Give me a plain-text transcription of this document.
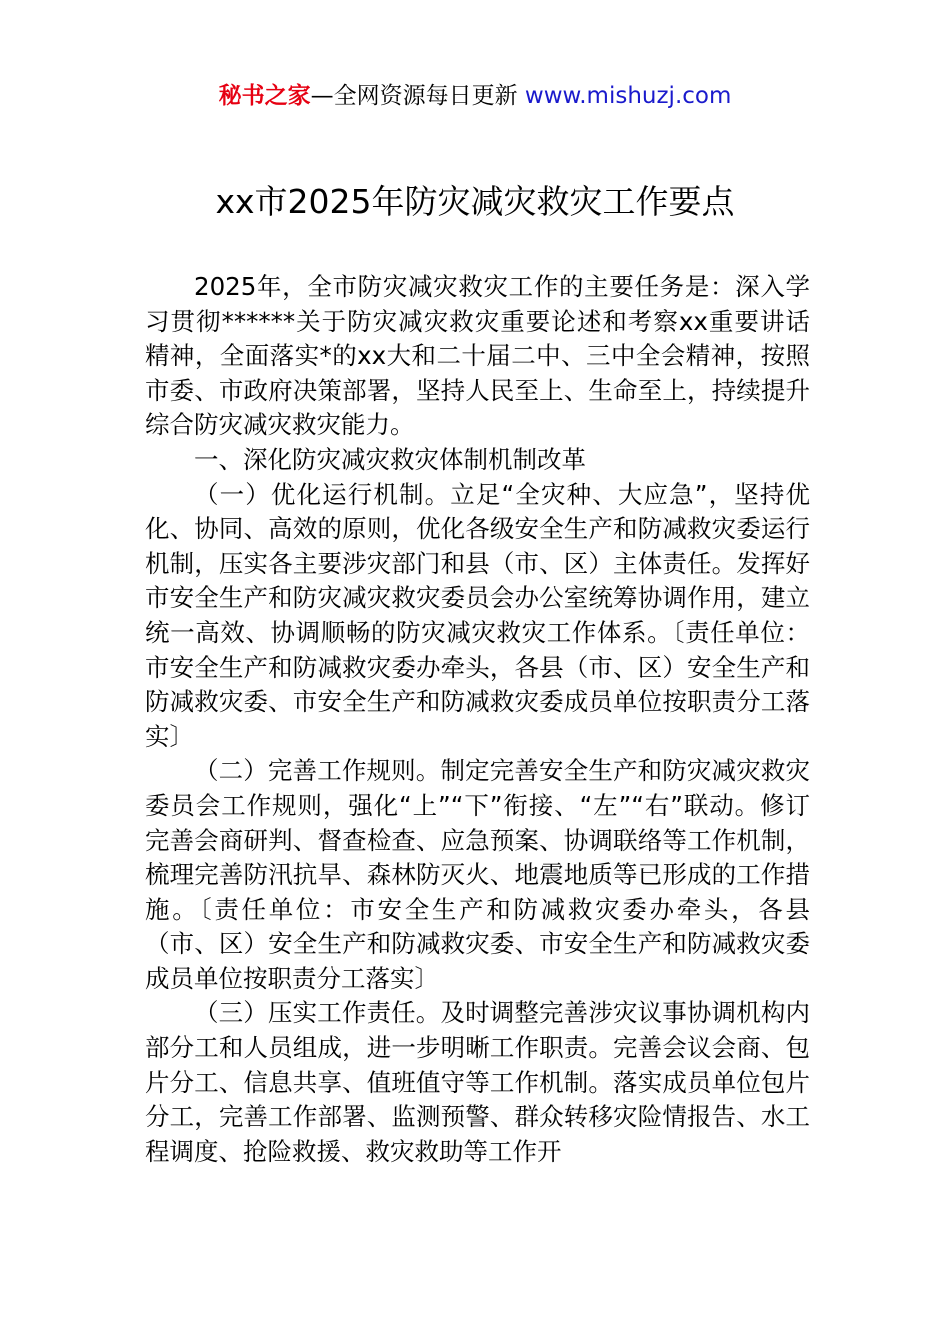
秘书之家—全网资源每日更新 www.mishuzj.com
xx市2025年防灾减灾救灾工作要点

2025年，全市防灾减灾救灾工作的主要任务是：深入学习贯彻******关于防灾减灾救灾重要论述和考察xx重要讲话精神，全面落实*的xx大和二十届二中、三中全会精神，按照市委、市政府决策部署，坚持人民至上、生命至上，持续提升综合防灾减灾救灾能力。

一、深化防灾减灾救灾体制机制改革

（一）优化运行机制。立足“全灾种、大应急”，坚持优化、协同、高效的原则，优化各级安全生产和防减救灾委运行机制，压实各主要涉灾部门和县（市、区）主体责任。发挥好市安全生产和防灾减灾救灾委员会办公室统筹协调作用，建立统一高效、协调顺畅的防灾减灾救灾工作体系。〔责任单位：市安全生产和防减救灾委办牵头，各县（市、区）安全生产和防减救灾委、市安全生产和防减救灾委成员单位按职责分工落实〕

（二）完善工作规则。制定完善安全生产和防灾减灾救灾委员会工作规则，强化“上”“下”衔接、“左”“右”联动。修订完善会商研判、督查检查、应急预案、协调联络等工作机制，梳理完善防汛抗旱、森林防灭火、地震地质等已形成的工作措施。〔责任单位：市安全生产和防减救灾委办牵头，各县（市、区）安全生产和防减救灾委、市安全生产和防减救灾委成员单位按职责分工落实〕

（三）压实工作责任。及时调整完善涉灾议事协调机构内部分工和人员组成，进一步明晰工作职责。完善会议会商、包片分工、信息共享、值班值守等工作机制。落实成员单位包片分工，完善工作部署、监测预警、群众转移灾险情报告、水工程调度、抢险救援、救灾救助等工作开
